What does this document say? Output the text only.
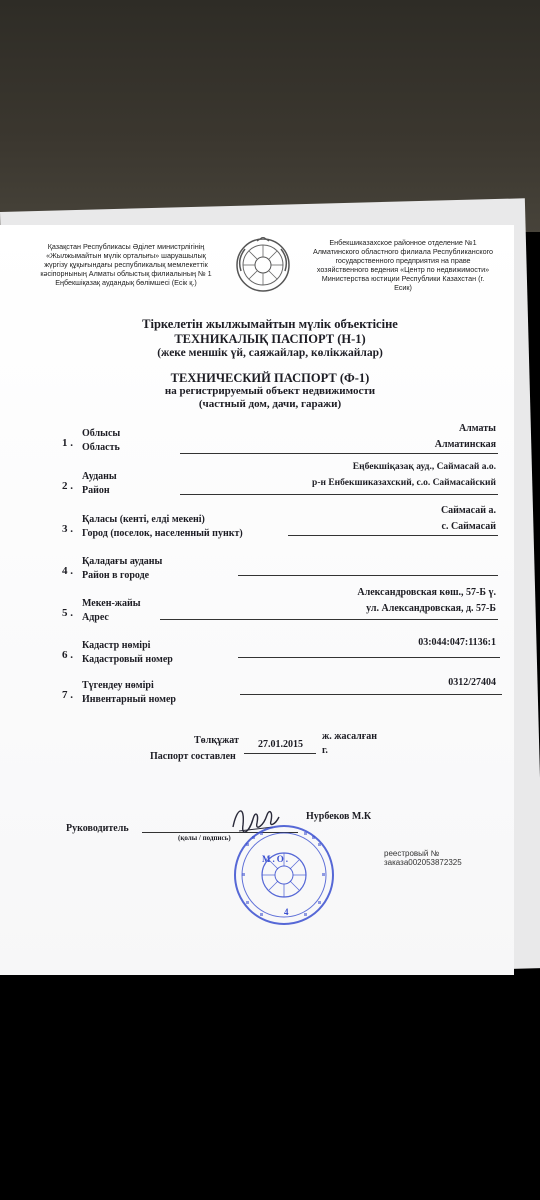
Қазақстан Республикасы Әділет министрлігінің
«Жылжымайтын мүлік орталығы» шаруашылық
жүргізу құқығындағы республикалық мемлекеттік
кәсіпорнының Алматы облыстық филиалының № 1
Еңбекшіқазақ аудандық бөлімшесі (Есік қ.)
Енбекшиказахское районное отделение №1
Алматинского областного филиала Республиканского
государственного предприятия на праве
хозяйственного ведения «Центр по недвижимости»
Министерства юстиции Республики Казахстан (г.
Есик)
Тіркелетін жылжымайтын мүлік объектісіне
ТЕХНИКАЛЫҚ ПАСПОРТ (Н-1)
(жеке меншік үй, саяжайлар, көлікжайлар)
ТЕХНИЧЕСКИЙ ПАСПОРТ (Ф-1)
на регистрируемый объект недвижимости
(частный дом, дачи, гаражи)
1 .
Облысы
Область
Алматы
Алматинская
2 .
Ауданы
Район
Еңбекшіқазақ ауд., Саймасай а.о.
р-н Енбекшиказахский, с.о. Саймасайский
3 .
Қаласы (кенті, елді мекені)
Город (поселок, населенный пункт)
Саймасай а.
с. Саймасай
4 .
Қаладағы ауданы
Район в городе
5 .
Мекен-жайы
Адрес
Александровская көш., 57-Б ү.
ул. Александровская, д. 57-Б
6 .
Кадастр нөмірі
Кадастровый номер
03:044:047:1136:1
7 .
Түгендеу нөмірі
Инвентарный номер
0312/27404
Төлқұжат
Паспорт составлен
27.01.2015
ж. жасалған
г.
Руководитель
(қолы / подпись)
Нурбеков М.К
реестровый № заказа002053872325
М.О.
4
